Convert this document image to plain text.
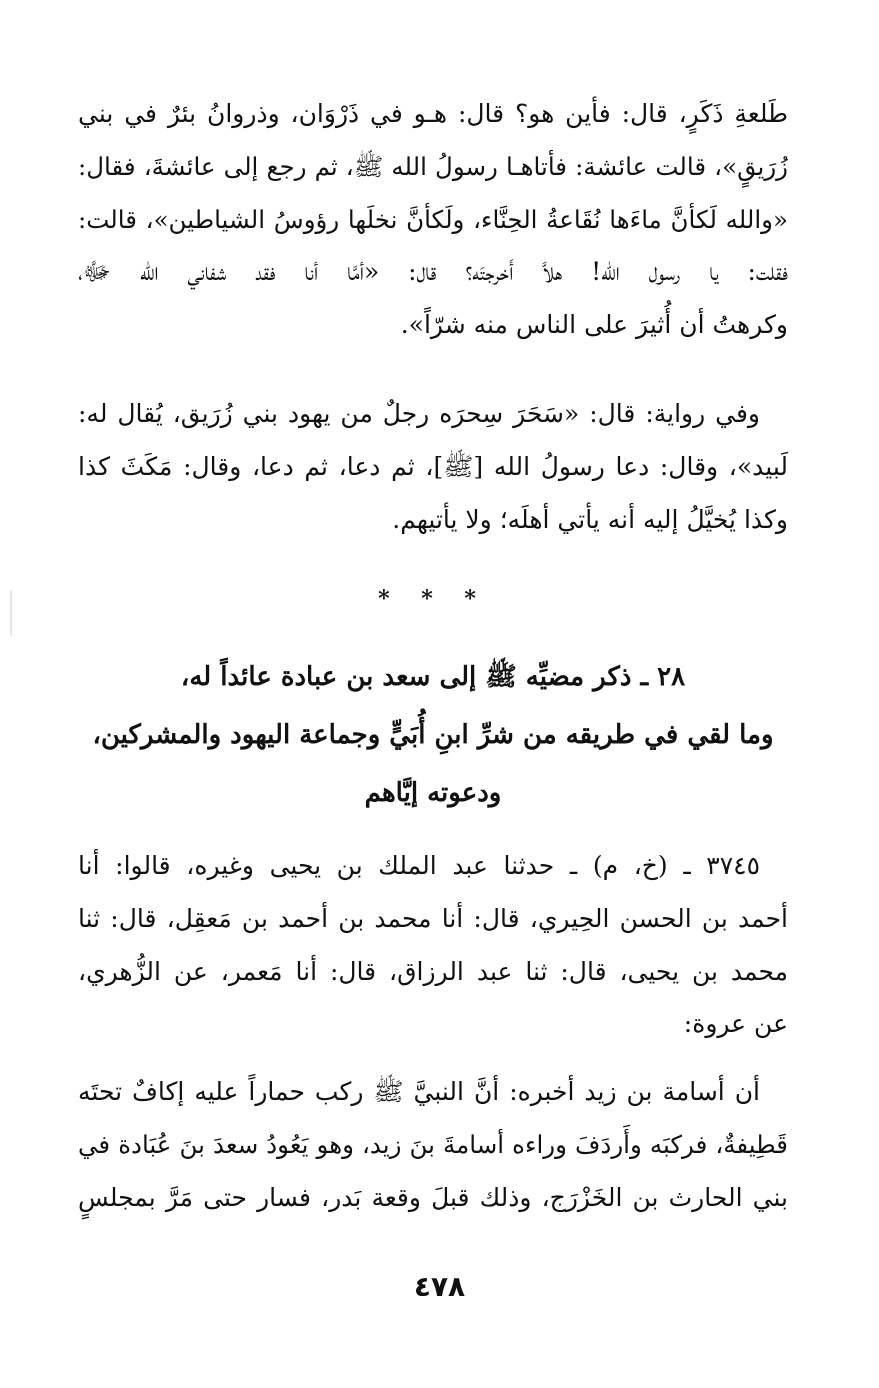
طَلعةِ ذَكَرٍ، قال: فأين هو؟ قال: هـو في ذَرْوَان، وذروانُ بئرٌ في بني
زُرَيقٍ»، قالت عائشة: فأتاهـا رسولُ الله ﷺ، ثم رجع إلى عائشةَ، فقال:
«والله لَكأنَّ ماءَها نُقَاعةُ الحِنَّاء، ولَكأنَّ نخلَها رؤوسُ الشياطين»، قالت:
فقلت: يا رسول الله! هلاَّ أَخرجتَه؟ قال: «أمَّا أنا فقد شفاني الله ﷻ،
وكرهتُ أن أُثيرَ على الناس منه شرّاً».

وفي رواية: قال: «سَحَرَ سِحرَه رجلٌ من يهود بني زُرَيق، يُقال له:
لَبيد»، وقال: دعا رسولُ الله [ﷺ]، ثم دعا، ثم دعا، وقال: مَكَثَ كذا
وكذا يُخيَّلُ إليه أنه يأتي أهلَه؛ ولا يأتيهم.

* * *
٢٨ ـ ذكر مضيِّه ﷺ إلى سعد بن عبادة عائداً له،
وما لقي في طريقه من شرِّ ابنِ أُبَيٍّ وجماعة اليهود والمشركين،
ودعوته إيَّاهم

٣٧٤٥ ـ (خ، م) ـ حدثنا عبد الملك بن يحيى وغيره، قالوا: أنا
أحمد بن الحسن الحِيري، قال: أنا محمد بن أحمد بن مَعقِل، قال: ثنا
محمد بن يحيى، قال: ثنا عبد الرزاق، قال: أنا مَعمر، عن الزُّهري،
عن عروة:

أن أسامة بن زيد أخبره: أنَّ النبيَّ ﷺ ركب حماراً عليه إكافٌ تحتَه
قَطِيفةٌ، فركبَه وأَردَفَ وراءه أسامةَ بنَ زيد، وهو يَعُودُ سعدَ بنَ عُبَادة في
بني الحارث بن الخَزْرَج، وذلك قبلَ وقعة بَدر، فسار حتى مَرَّ بمجلسٍ

٤٧٨
